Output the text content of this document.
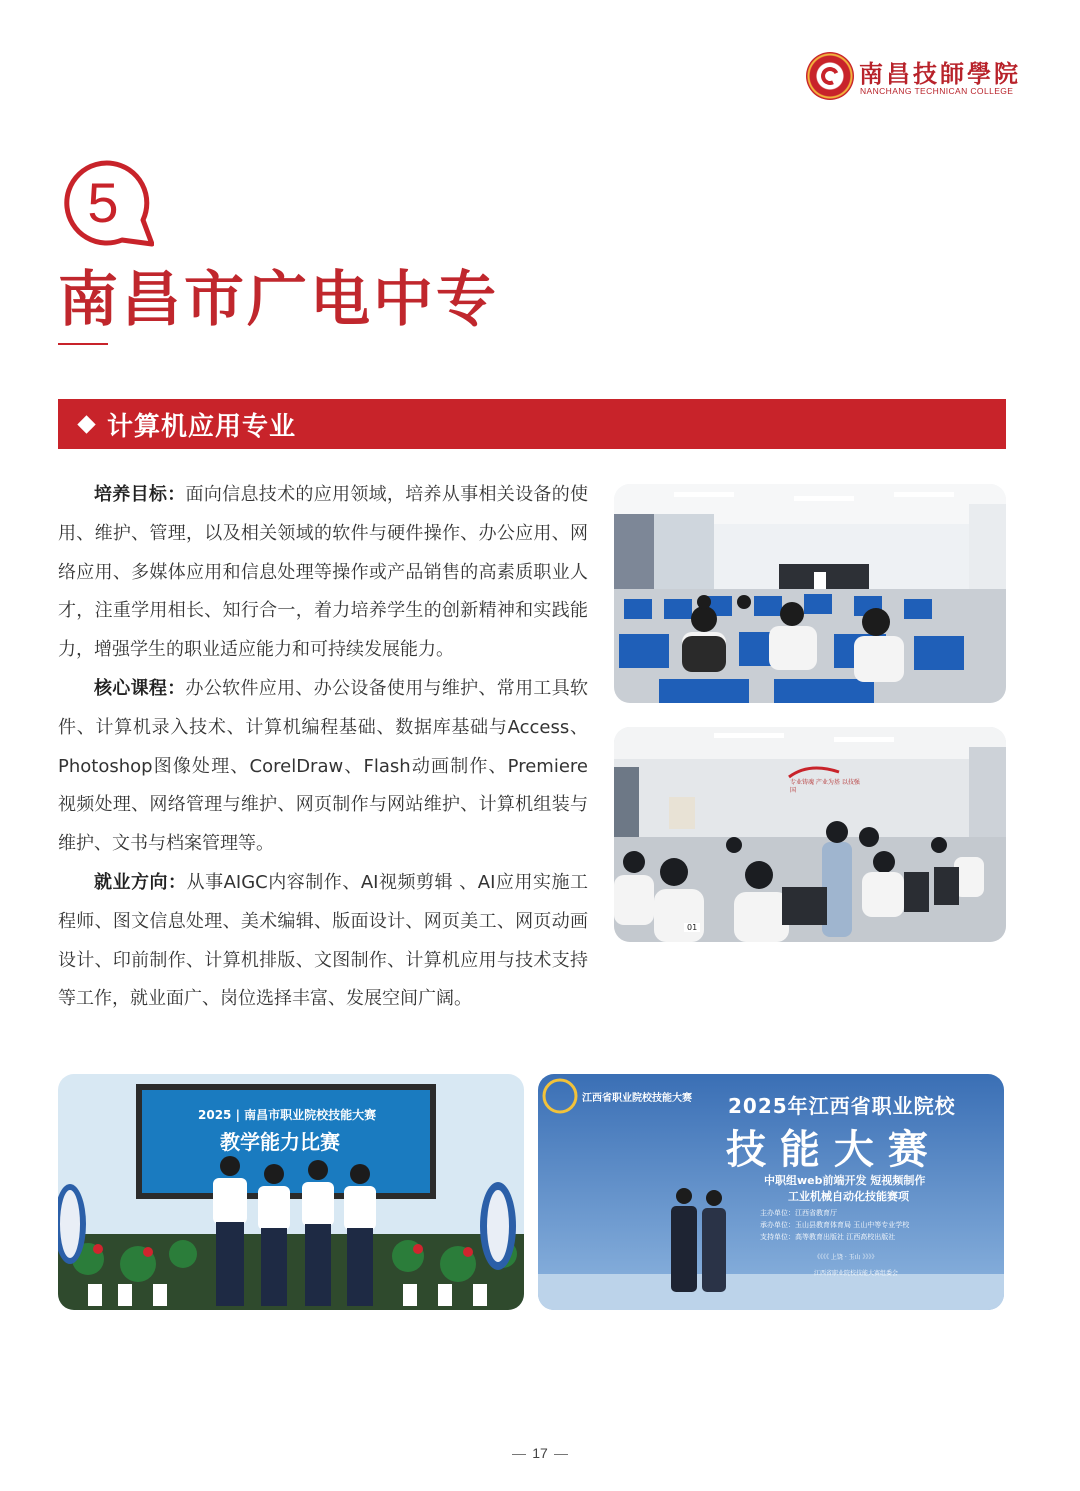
南昌技師學院
NANCHANG TECHNICAN COLLEGE
5
南昌市广电中专
计算机应用专业

培养目标：面向信息技术的应用领域，培养从事相关设备的使用、维护、管理，以及相关领域的软件与硬件操作、办公应用、网络应用、多媒体应用和信息处理等操作或产品销售的高素质职业人才，注重学用相长、知行合一，着力培养学生的创新精神和实践能力，增强学生的职业适应能力和可持续发展能力。

核心课程：办公软件应用、办公设备使用与维护、常用工具软件、计算机录入技术、计算机编程基础、数据库基础与Access、Photoshop图像处理、CorelDraw、Flash动画制作、Premiere视频处理、网络管理与维护、网页制作与网站维护、计算机组装与维护、文书与档案管理等。

就业方向：从事AIGC内容制作、AI视频剪辑 、AI应用实施工程师、图文信息处理、美术编辑、版面设计、网页美工、网页动画设计、印前制作、计算机排版、文图制作、计算机应用与技术支持等工作，就业面广、岗位选择丰富、发展空间广阔。

专业铸魂 产业为基 以技强国
01
2025 | 南昌市职业院校技能大赛
教学能力比赛
江西省职业院校技能大赛 2025年江西省职业院校
技 能 大 赛
中职组web前端开发 短视频制作
工业机械自动化技能赛项
主办单位：江西省教育厅
承办单位：玉山县教育体育局 玉山中等专业学校
支持单位：高等教育出版社 江西高校出版社
《《《《 上饶 · 玉山 》》》》
江西省职业院校技能大赛组委会
17
